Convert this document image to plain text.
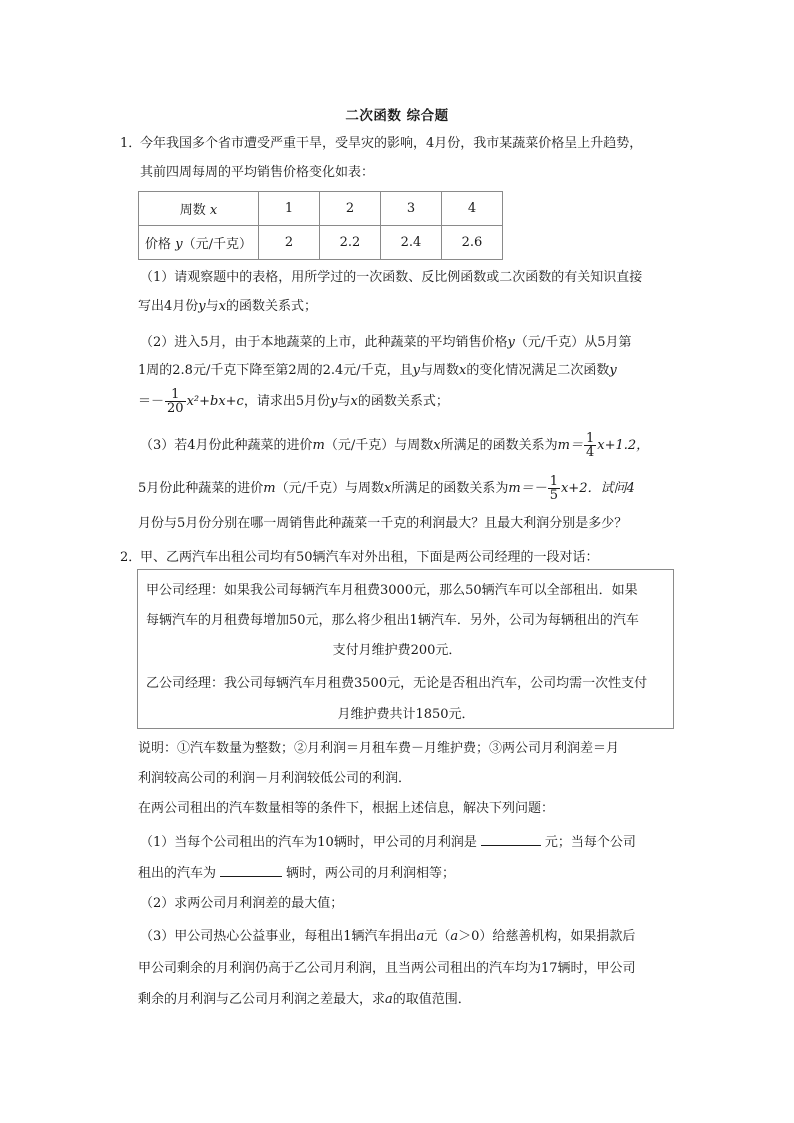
二次函数 综合题
1．
今年我国多个省市遭受严重干旱，受旱灾的影响，4月份，我市某蔬菜价格呈上升趋势，
其前四周每周的平均销售价格变化如表：
周数 x	1	2	3	4
价格 y（元/千克）	2	2.2	2.4	2.6
（1）请观察题中的表格，用所学过的一次函数、反比例函数或二次函数的有关知识直接
写出4月份y与x的函数关系式；
（2）进入5月，由于本地蔬菜的上市，此种蔬菜的平均销售价格y（元/千克）从5月第
1周的2.8元/千克下降至第2周的2.4元/千克，且y与周数x的变化情况满足二次函数y
＝－ $\frac{1}{20} x^2+bx+c$，请求出5月份y与x的函数关系式；
（3）若4月份此种蔬菜的进价m（元/千克）与周数x所满足的函数关系为$m= \frac{1}{4} x+1.2$，
5月份此种蔬菜的进价m（元/千克）与周数x所满足的函数关系为$m=- \frac{1}{5} x+2$．试问4
月份与5月份分别在哪一周销售此种蔬菜一千克的利润最大？且最大利润分别是多少？
2．
甲、乙两汽车出租公司均有50辆汽车对外出租，下面是两公司经理的一段对话：
甲公司经理：如果我公司每辆汽车月租费3000元，那么50辆汽车可以全部租出．如果
每辆汽车的月租费每增加50元，那么将少租出1辆汽车．另外，公司为每辆租出的汽车
支付月维护费200元．
乙公司经理：我公司每辆汽车月租费3500元，无论是否租出汽车，公司均需一次性支付
月维护费共计1850元．
说明：①汽车数量为整数；②月利润＝月租车费－月维护费；③两公司月利润差＝月
利润较高公司的利润－月利润较低公司的利润．
在两公司租出的汽车数量相等的条件下，根据上述信息，解决下列问题：
（1）当每个公司租出的汽车为10辆时，甲公司的月利润是	元；当每个公司
租出的汽车为	辆时，两公司的月利润相等；
（2）求两公司月利润差的最大值；
（3）甲公司热心公益事业，每租出1辆汽车捐出a元（a＞0）给慈善机构，如果捐款后
甲公司剩余的月利润仍高于乙公司月利润，且当两公司租出的汽车均为17辆时，甲公司
剩余的月利润与乙公司月利润之差最大，求a的取值范围．
